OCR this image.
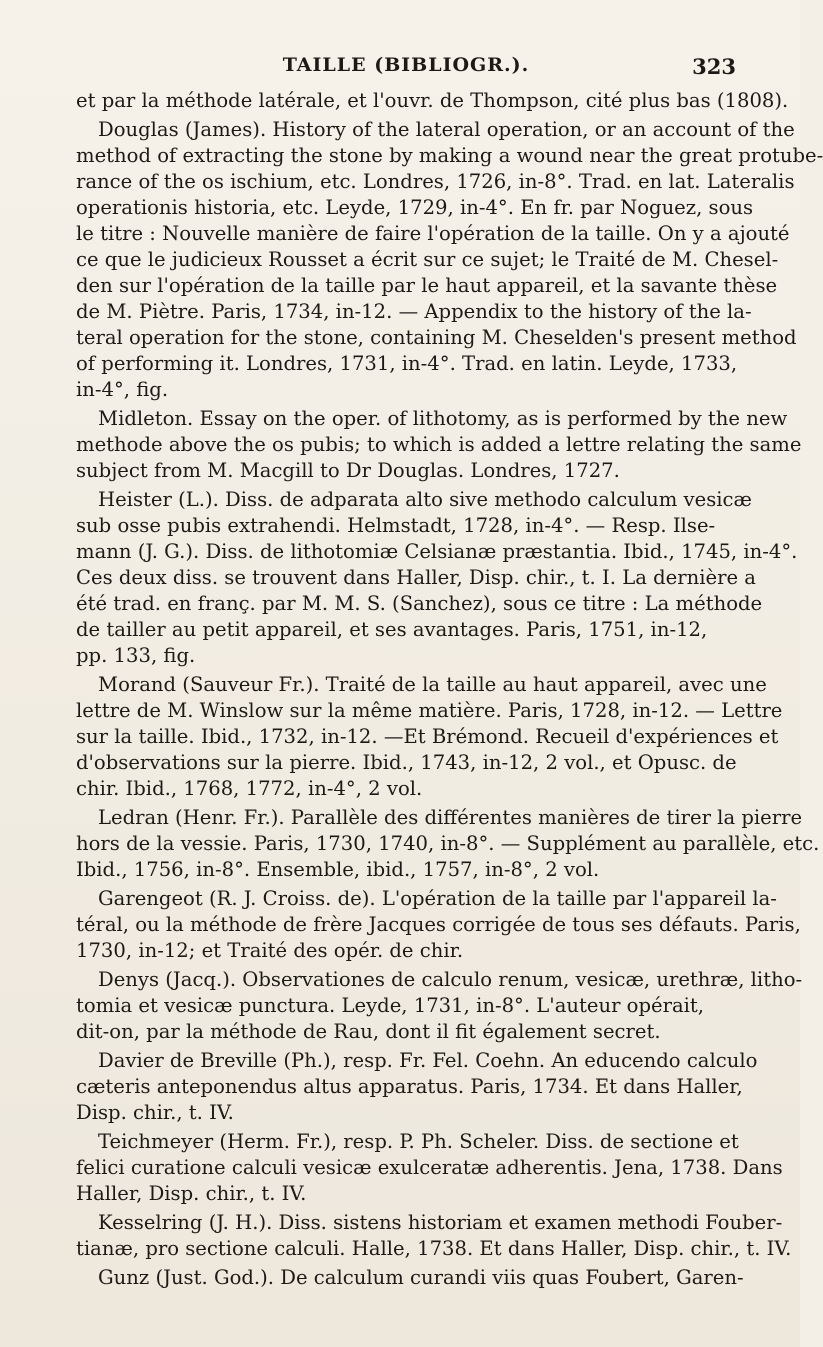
TAILLE (BIBLIOGR.).	323
et par la méthode latérale, et l'ouvr. de Thompson, cité plus bas (1808).
Douglas (James). History of the lateral operation, or an account of the
method of extracting the stone by making a wound near the great protube-
rance of the os ischium, etc. Londres, 1726, in-8°. Trad. en lat. Lateralis
operationis historia, etc. Leyde, 1729, in-4°. En fr. par Noguez, sous
le titre : Nouvelle manière de faire l'opération de la taille. On y a ajouté
ce que le judicieux Rousset a écrit sur ce sujet; le Traité de M. Chesel-
den sur l'opération de la taille par le haut appareil, et la savante thèse
de M. Piètre. Paris, 1734, in-12. — Appendix to the history of the la-
teral operation for the stone, containing M. Cheselden's present method
of performing it. Londres, 1731, in-4°. Trad. en latin. Leyde, 1733,
in-4°, fig.
Midleton. Essay on the oper. of lithotomy, as is performed by the new
methode above the os pubis; to which is added a lettre relating the same
subject from M. Macgill to Dr Douglas. Londres, 1727.
Heister (L.). Diss. de adparata alto sive methodo calculum vesicæ
sub osse pubis extrahendi. Helmstadt, 1728, in-4°. — Resp. Ilse-
mann (J. G.). Diss. de lithotomiæ Celsianæ præstantia. Ibid., 1745, in-4°.
Ces deux diss. se trouvent dans Haller, Disp. chir., t. I. La dernière a
été trad. en franç. par M. M. S. (Sanchez), sous ce titre : La méthode
de tailler au petit appareil, et ses avantages. Paris, 1751, in-12,
pp. 133, fig.
Morand (Sauveur Fr.). Traité de la taille au haut appareil, avec une
lettre de M. Winslow sur la même matière. Paris, 1728, in-12. — Lettre
sur la taille. Ibid., 1732, in-12. —Et Brémond. Recueil d'expériences et
d'observations sur la pierre. Ibid., 1743, in-12, 2 vol., et Opusc. de
chir. Ibid., 1768, 1772, in-4°, 2 vol.
Ledran (Henr. Fr.). Parallèle des différentes manières de tirer la pierre
hors de la vessie. Paris, 1730, 1740, in-8°. — Supplément au parallèle, etc.
Ibid., 1756, in-8°. Ensemble, ibid., 1757, in-8°, 2 vol.
Garengeot (R. J. Croiss. de). L'opération de la taille par l'appareil la-
téral, ou la méthode de frère Jacques corrigée de tous ses défauts. Paris,
1730, in-12; et Traité des opér. de chir.
Denys (Jacq.). Observationes de calculo renum, vesicæ, urethræ, litho-
tomia et vesicæ punctura. Leyde, 1731, in-8°. L'auteur opérait,
dit-on, par la méthode de Rau, dont il fit également secret.
Davier de Breville (Ph.), resp. Fr. Fel. Coehn. An educendo calculo
cæteris anteponendus altus apparatus. Paris, 1734. Et dans Haller,
Disp. chir., t. IV.
Teichmeyer (Herm. Fr.), resp. P. Ph. Scheler. Diss. de sectione et
felici curatione calculi vesicæ exulceratæ adherentis. Jena, 1738. Dans
Haller, Disp. chir., t. IV.
Kesselring (J. H.). Diss. sistens historiam et examen methodi Fouber-
tianæ, pro sectione calculi. Halle, 1738. Et dans Haller, Disp. chir., t. IV.
Gunz (Just. God.). De calculum curandi viis quas Foubert, Garen-
